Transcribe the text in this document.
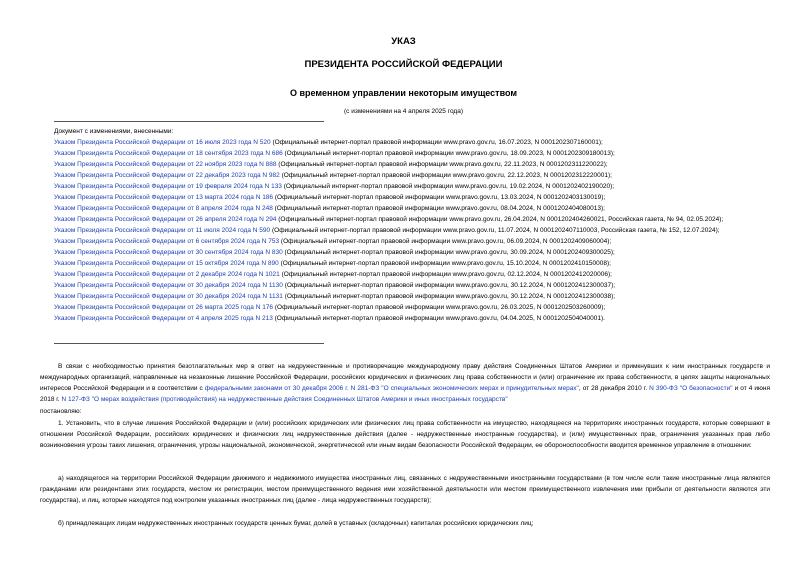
УКАЗ
ПРЕЗИДЕНТА РОССИЙСКОЙ ФЕДЕРАЦИИ
О временном управлении некоторым имуществом
(с изменениями на 4 апреля 2025 года)

Документ с изменениями, внесенными:

Указом Президента Российской Федерации от 16 июля 2023 года N 520 (Официальный интернет-портал правовой информации www.pravo.gov.ru, 16.07.2023, N 0001202307160001);

Указом Президента Российской Федерации от 18 сентября 2023 года N 686 (Официальный интернет-портал правовой информации www.pravo.gov.ru, 18.09.2023, N 0001202309180013);

Указом Президента Российской Федерации от 22 ноября 2023 года N 888 (Официальный интернет-портал правовой информации www.pravo.gov.ru, 22.11.2023, N 0001202311220022);

Указом Президента Российской Федерации от 22 декабря 2023 года N 982 (Официальный интернет-портал правовой информации www.pravo.gov.ru, 22.12.2023, N 0001202312220001);

Указом Президента Российской Федерации от 19 февраля 2024 года N 133 (Официальный интернет-портал правовой информации www.pravo.gov.ru, 19.02.2024, N 0001202402190020);

Указом Президента Российской Федерации от 13 марта 2024 года N 186 (Официальный интернет-портал правовой информации www.pravo.gov.ru, 13.03.2024, N 0001202403130019);

Указом Президента Российской Федерации от 8 апреля 2024 года N 248 (Официальный интернет-портал правовой информации www.pravo.gov.ru, 08.04.2024, N 0001202404080013);

Указом Президента Российской Федерации от 26 апреля 2024 года N 294 (Официальный интернет-портал правовой информации www.pravo.gov.ru, 26.04.2024, N 0001202404260021, Российская газета, № 94, 02.05.2024);

Указом Президента Российской Федерации от 11 июля 2024 года N 590 (Официальный интернет-портал правовой информации www.pravo.gov.ru, 11.07.2024, N 0001202407110003, Российская газета, № 152, 12.07.2024);

Указом Президента Российской Федерации от 6 сентября 2024 года N 753 (Официальный интернет-портал правовой информации www.pravo.gov.ru, 06.09.2024, N 0001202409060004);

Указом Президента Российской Федерации от 30 сентября 2024 года N 830 (Официальный интернет-портал правовой информации www.pravo.gov.ru, 30.09.2024, N 0001202409300025);

Указом Президента Российской Федерации от 15 октября 2024 года N 890 (Официальный интернет-портал правовой информации www.pravo.gov.ru, 15.10.2024, N 0001202410150008);

Указом Президента Российской Федерации от 2 декабря 2024 года N 1021 (Официальный интернет-портал правовой информации www.pravo.gov.ru, 02.12.2024, N 0001202412020006);

Указом Президента Российской Федерации от 30 декабря 2024 года N 1130 (Официальный интернет-портал правовой информации www.pravo.gov.ru, 30.12.2024, N 0001202412300037);

Указом Президента Российской Федерации от 30 декабря 2024 года N 1131 (Официальный интернет-портал правовой информации www.pravo.gov.ru, 30.12.2024, N 0001202412300038);

Указом Президента Российской Федерации от 26 марта 2025 года N 176 (Официальный интернет-портал правовой информации www.pravo.gov.ru, 26.03.2025, N 0001202503260009);

Указом Президента Российской Федерации от 4 апреля 2025 года N 213 (Официальный интернет-портал правовой информации www.pravo.gov.ru, 04.04.2025, N 0001202504040001).

В связи с необходимостью принятия безотлагательных мер в ответ на недружественные и противоречащие международному праву действия Соединенных Штатов Америки и примкнувших к ним иностранных государств и международных организаций, направленные на незаконные лишение Российской Федерации, российских юридических и физических лиц права собственности и (или) ограничение их права собственности, в целях защиты национальных интересов Российской Федерации и в соответствии с федеральными законами от 30 декабря 2006 г. N 281-ФЗ "О специальных экономических мерах и принудительных мерах", от 28 декабря 2010 г. N 390-ФЗ "О безопасности" и от 4 июня 2018 г. N 127-ФЗ "О мерах воздействия (противодействия) на недружественные действия Соединенных Штатов Америки и иных иностранных государств"

постановляю:

1. Установить, что в случае лишения Российской Федерации и (или) российских юридических или физических лиц права собственности на имущество, находящееся на территориях иностранных государств, которые совершают в отношении Российской Федерации, российских юридических и физических лиц недружественные действия (далее - недружественные иностранные государства), и (или) имущественных прав, ограничения указанных прав либо возникновения угрозы таких лишения, ограничения, угрозы национальной, экономической, энергетической или иным видам безопасности Российской Федерации, ее обороноспособности вводится временное управление в отношении:

а) находящегося на территории Российской Федерации движимого и недвижимого имущества иностранных лиц, связанных с недружественными иностранными государствами (в том числе если такие иностранные лица являются гражданами или резидентами этих государств, местом их регистрации, местом преимущественного ведения ими хозяйственной деятельности или местом преимущественного извлечения ими прибыли от деятельности являются эти государства), и лиц, которые находятся под контролем указанных иностранных лиц (далее - лица недружественных государств);

б) принадлежащих лицам недружественных иностранных государств ценных бумаг, долей в уставных (складочных) капиталах российских юридических лиц;
